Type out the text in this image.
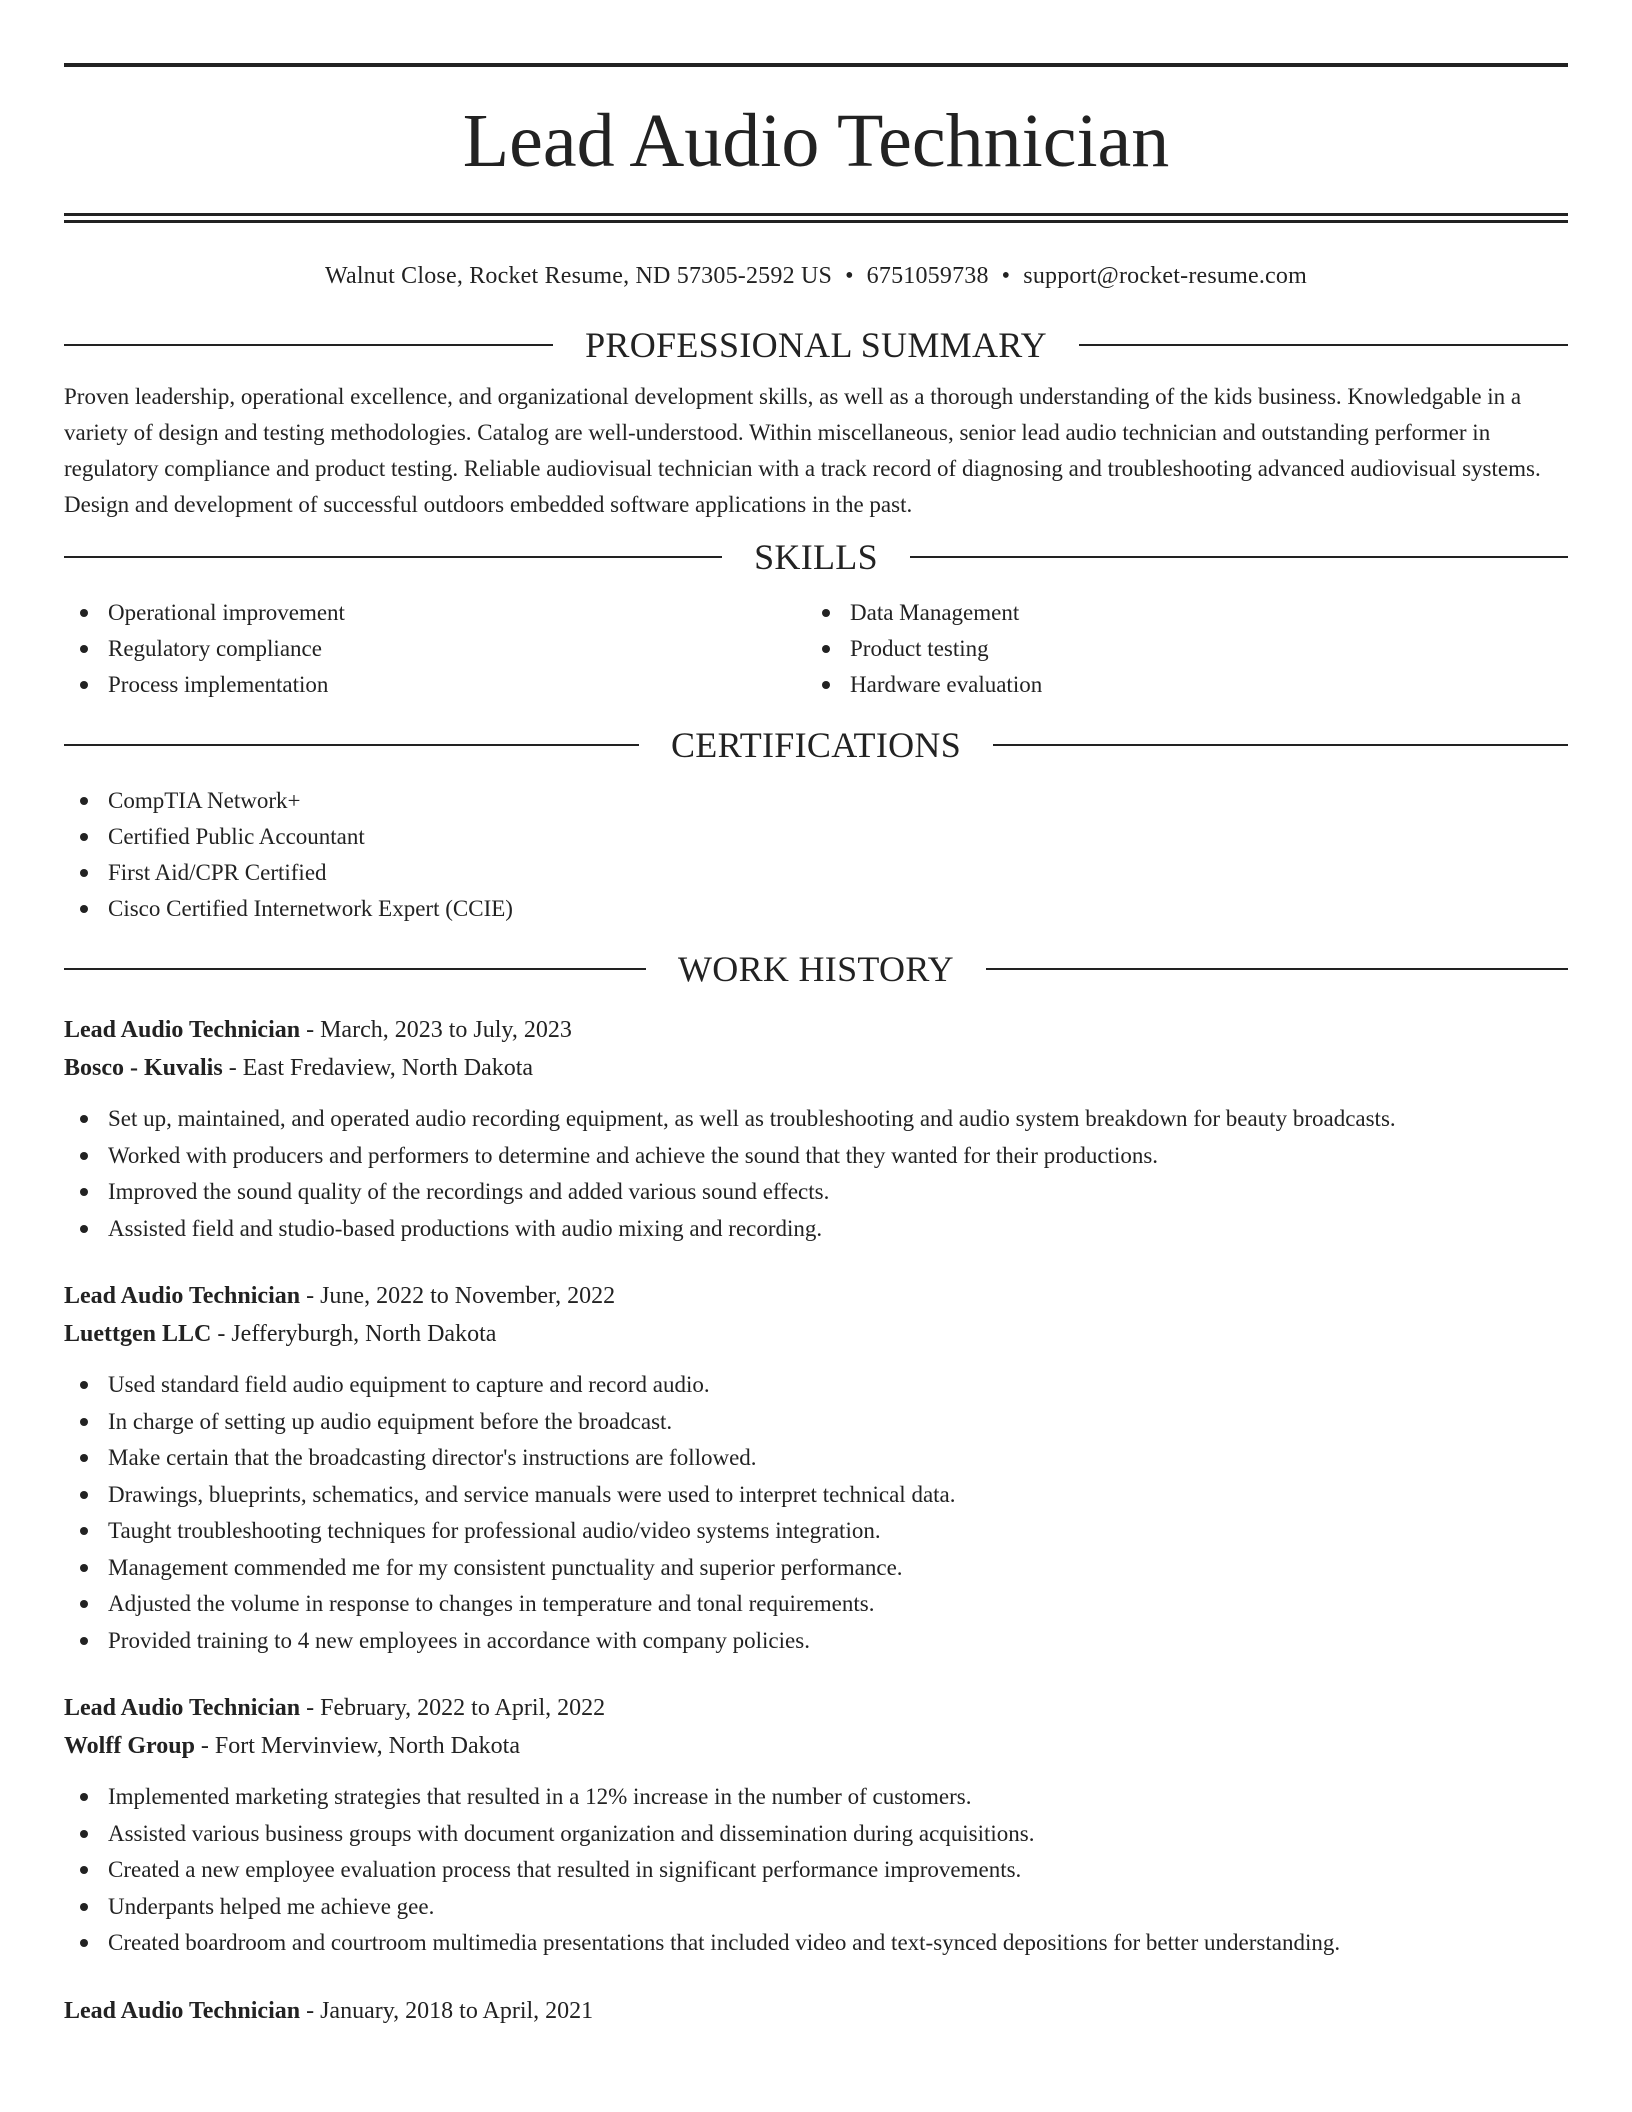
Lead Audio Technician
Walnut Close, Rocket Resume, ND 57305-2592 US • 6751059738 • support@rocket-resume.com
PROFESSIONAL SUMMARY

Proven leadership, operational excellence, and organizational development skills, as well as a thorough understanding of the kids business. Knowledgable in a variety of design and testing methodologies. Catalog are well-understood. Within miscellaneous, senior lead audio technician and outstanding performer in regulatory compliance and product testing. Reliable audiovisual technician with a track record of diagnosing and troubleshooting advanced audiovisual systems. Design and development of successful outdoors embedded software applications in the past.

SKILLS
Operational improvement
Regulatory compliance
Process implementation
Data Management
Product testing
Hardware evaluation
CERTIFICATIONS
CompTIA Network+
Certified Public Accountant
First Aid/CPR Certified
Cisco Certified Internetwork Expert (CCIE)
WORK HISTORY
Lead Audio Technician - March, 2023 to July, 2023
Bosco - Kuvalis - East Fredaview, North Dakota
Set up, maintained, and operated audio recording equipment, as well as troubleshooting and audio system breakdown for beauty broadcasts.
Worked with producers and performers to determine and achieve the sound that they wanted for their productions.
Improved the sound quality of the recordings and added various sound effects.
Assisted field and studio-based productions with audio mixing and recording.
Lead Audio Technician - June, 2022 to November, 2022
Luettgen LLC - Jefferyburgh, North Dakota
Used standard field audio equipment to capture and record audio.
In charge of setting up audio equipment before the broadcast.
Make certain that the broadcasting director's instructions are followed.
Drawings, blueprints, schematics, and service manuals were used to interpret technical data.
Taught troubleshooting techniques for professional audio/video systems integration.
Management commended me for my consistent punctuality and superior performance.
Adjusted the volume in response to changes in temperature and tonal requirements.
Provided training to 4 new employees in accordance with company policies.
Lead Audio Technician - February, 2022 to April, 2022
Wolff Group - Fort Mervinview, North Dakota
Implemented marketing strategies that resulted in a 12% increase in the number of customers.
Assisted various business groups with document organization and dissemination during acquisitions.
Created a new employee evaluation process that resulted in significant performance improvements.
Underpants helped me achieve gee.
Created boardroom and courtroom multimedia presentations that included video and text-synced depositions for better understanding.
Lead Audio Technician - January, 2018 to April, 2021
